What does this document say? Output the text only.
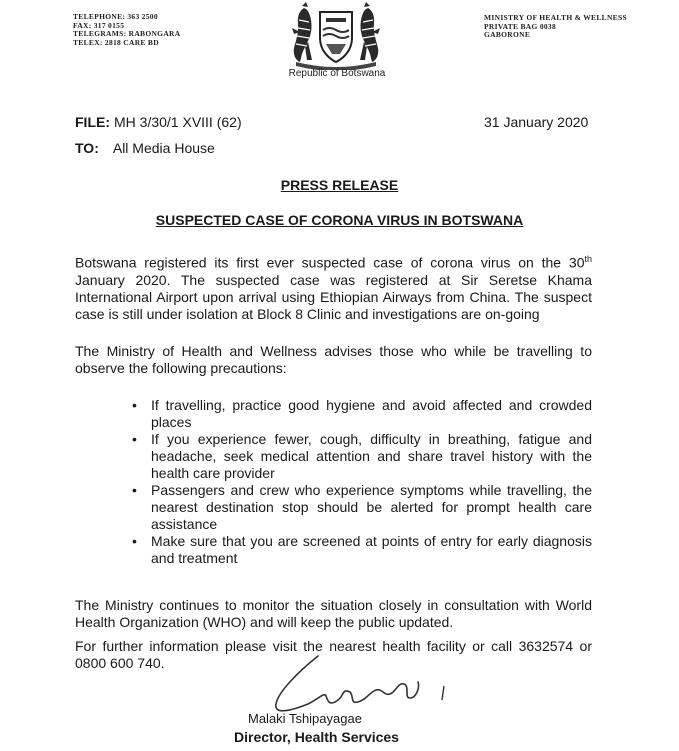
TELEPHONE: 363 2500
FAX: 317 0155
TELEGRAMS: RABONGARA
TELEX: 2818 CARE BD
Republic of Botswana
MINISTRY OF HEALTH & WELLNESS
PRIVATE BAG 0038
GABORONE
FILE: MH 3/30/1 XVIII (62)	31 January 2020
TO: All Media House
PRESS RELEASE
SUSPECTED CASE OF CORONA VIRUS IN BOTSWANA
Botswana registered its first ever suspected case of corona virus on the 30th January 2020. The suspected case was registered at Sir Seretse Khama International Airport upon arrival using Ethiopian Airways from China. The suspect case is still under isolation at Block 8 Clinic and investigations are on-going
The Ministry of Health and Wellness advises those who while be travelling to observe the following precautions:
• If travelling, practice good hygiene and avoid affected and crowded places
• If you experience fewer, cough, difficulty in breathing, fatigue and headache, seek medical attention and share travel history with the health care provider
• Passengers and crew who experience symptoms while travelling, the nearest destination stop should be alerted for prompt health care assistance
• Make sure that you are screened at points of entry for early diagnosis and treatment
The Ministry continues to monitor the situation closely in consultation with World Health Organization (WHO) and will keep the public updated.
For further information please visit the nearest health facility or call 3632574 or 0800 600 740.
Malaki Tshipayagae
Director, Health Services
